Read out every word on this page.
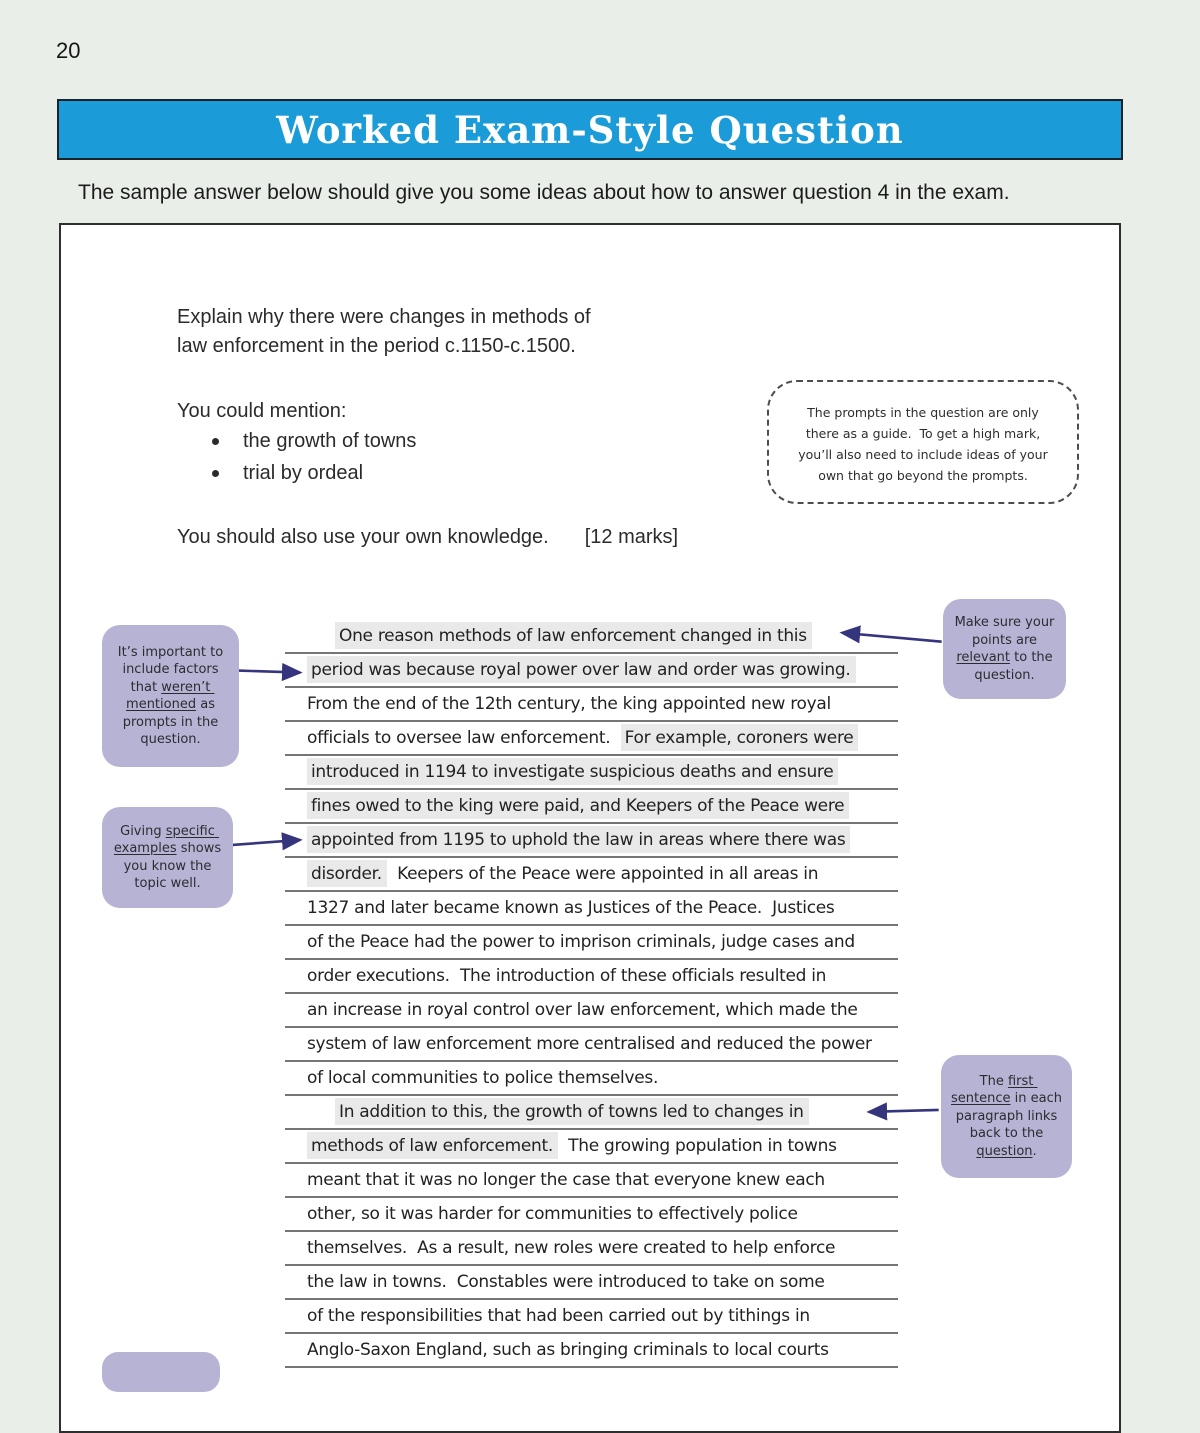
20
Worked Exam-Style Question
The sample answer below should give you some ideas about how to answer question 4 in the exam.
Explain why there were changes in methods of
law enforcement in the period c.1150-c.1500.
You could mention:
the growth of towns
trial by ordeal
You should also use your own knowledge. [12 marks]
The prompts in the question are only
there as a guide.  To get a high mark,
you’ll also need to include ideas of your
own that go beyond the prompts.
It’s important to include factors that weren’t mentioned as prompts in the question.
Giving specific examples shows you know the topic well.
Make sure your points are relevant to the question.
The first sentence in each paragraph links back to the question.
One reason methods of law enforcement changed in this
period was because royal power over law and order was growing.
From the end of the 12th century, the king appointed new royal
officials to oversee law enforcement.  For example, coroners were
introduced in 1194 to investigate suspicious deaths and ensure
fines owed to the king were paid, and Keepers of the Peace were
appointed from 1195 to uphold the law in areas where there was
disorder.  Keepers of the Peace were appointed in all areas in
1327 and later became known as Justices of the Peace.  Justices
of the Peace had the power to imprison criminals, judge cases and
order executions.  The introduction of these officials resulted in
an increase in royal control over law enforcement, which made the
system of law enforcement more centralised and reduced the power
of local communities to police themselves.
In addition to this, the growth of towns led to changes in
methods of law enforcement.  The growing population in towns
meant that it was no longer the case that everyone knew each
other, so it was harder for communities to effectively police
themselves.  As a result, new roles were created to help enforce
the law in towns.  Constables were introduced to take on some
of the responsibilities that had been carried out by tithings in
Anglo-Saxon England, such as bringing criminals to local courts
